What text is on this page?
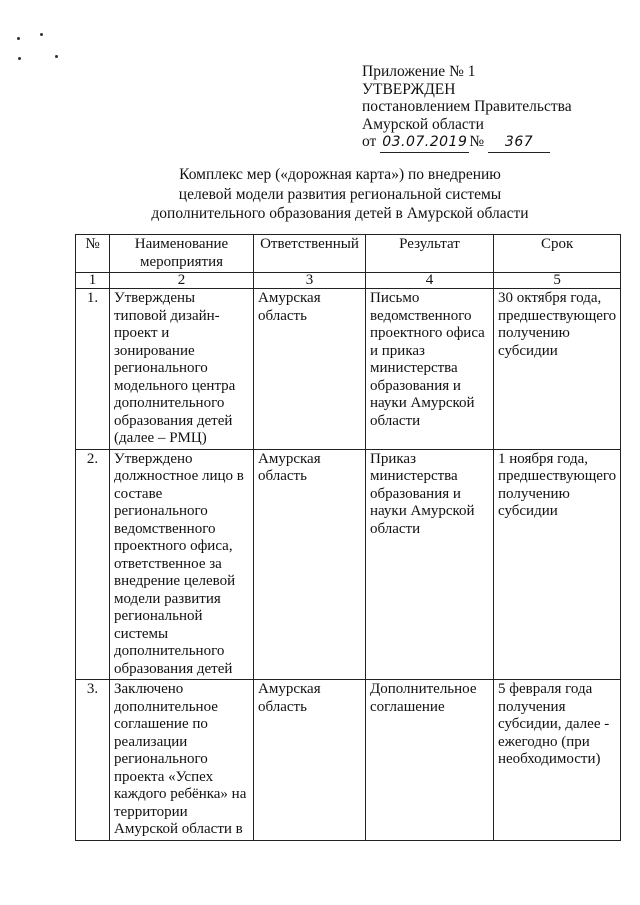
Приложение № 1
УТВЕРЖДЕН
постановлением Правительства
Амурской области
от 03.07.2019 № 367
Комплекс мер («дорожная карта») по внедрению
целевой модели развития региональной системы
дополнительного образования детей в Амурской области
№	Наименование мероприятия	Ответственный	Результат	Срок
1	2	3	4	5
1.	Утверждены типовой дизайн-проект и зонирование регионального модельного центра дополнительного образования детей (далее – РМЦ)	Амурская область	Письмо ведомственного проектного офиса и приказ министерства образования и науки Амурской области	30 октября года, предшествующего получению субсидии
2.	Утверждено должностное лицо в составе регионального ведомственного проектного офиса, ответственное за внедрение целевой модели развития региональной системы дополнительного образования детей	Амурская область	Приказ министерства образования и науки Амурской области	1 ноября года, предшествующего получению субсидии
3.	Заключено дополнительное соглашение по реализации регионального проекта «Успех каждого ребёнка» на территории Амурской области в	Амурская область	Дополнительное соглашение	5 февраля года получения субсидии, далее - ежегодно (при необходимости)
